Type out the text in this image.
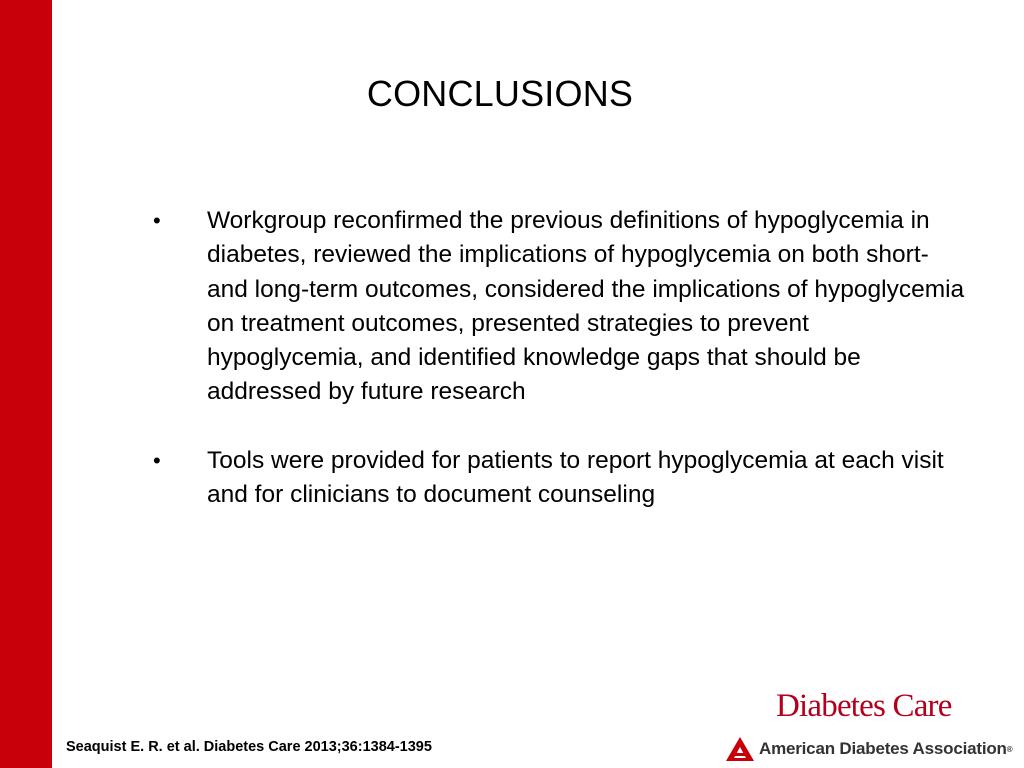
CONCLUSIONS
• Workgroup reconfirmed the previous definitions of hypoglycemia in diabetes, reviewed the implications of hypoglycemia on both short- and long-term outcomes, considered the implications of hypoglycemia on treatment outcomes, presented strategies to prevent hypoglycemia, and identified knowledge gaps that should be addressed by future research
• Tools were provided for patients to report hypoglycemia at each visit and for clinicians to document counseling
Seaquist E. R. et al. Diabetes Care 2013;36:1384-1395
Diabetes Care
American Diabetes Association ®
